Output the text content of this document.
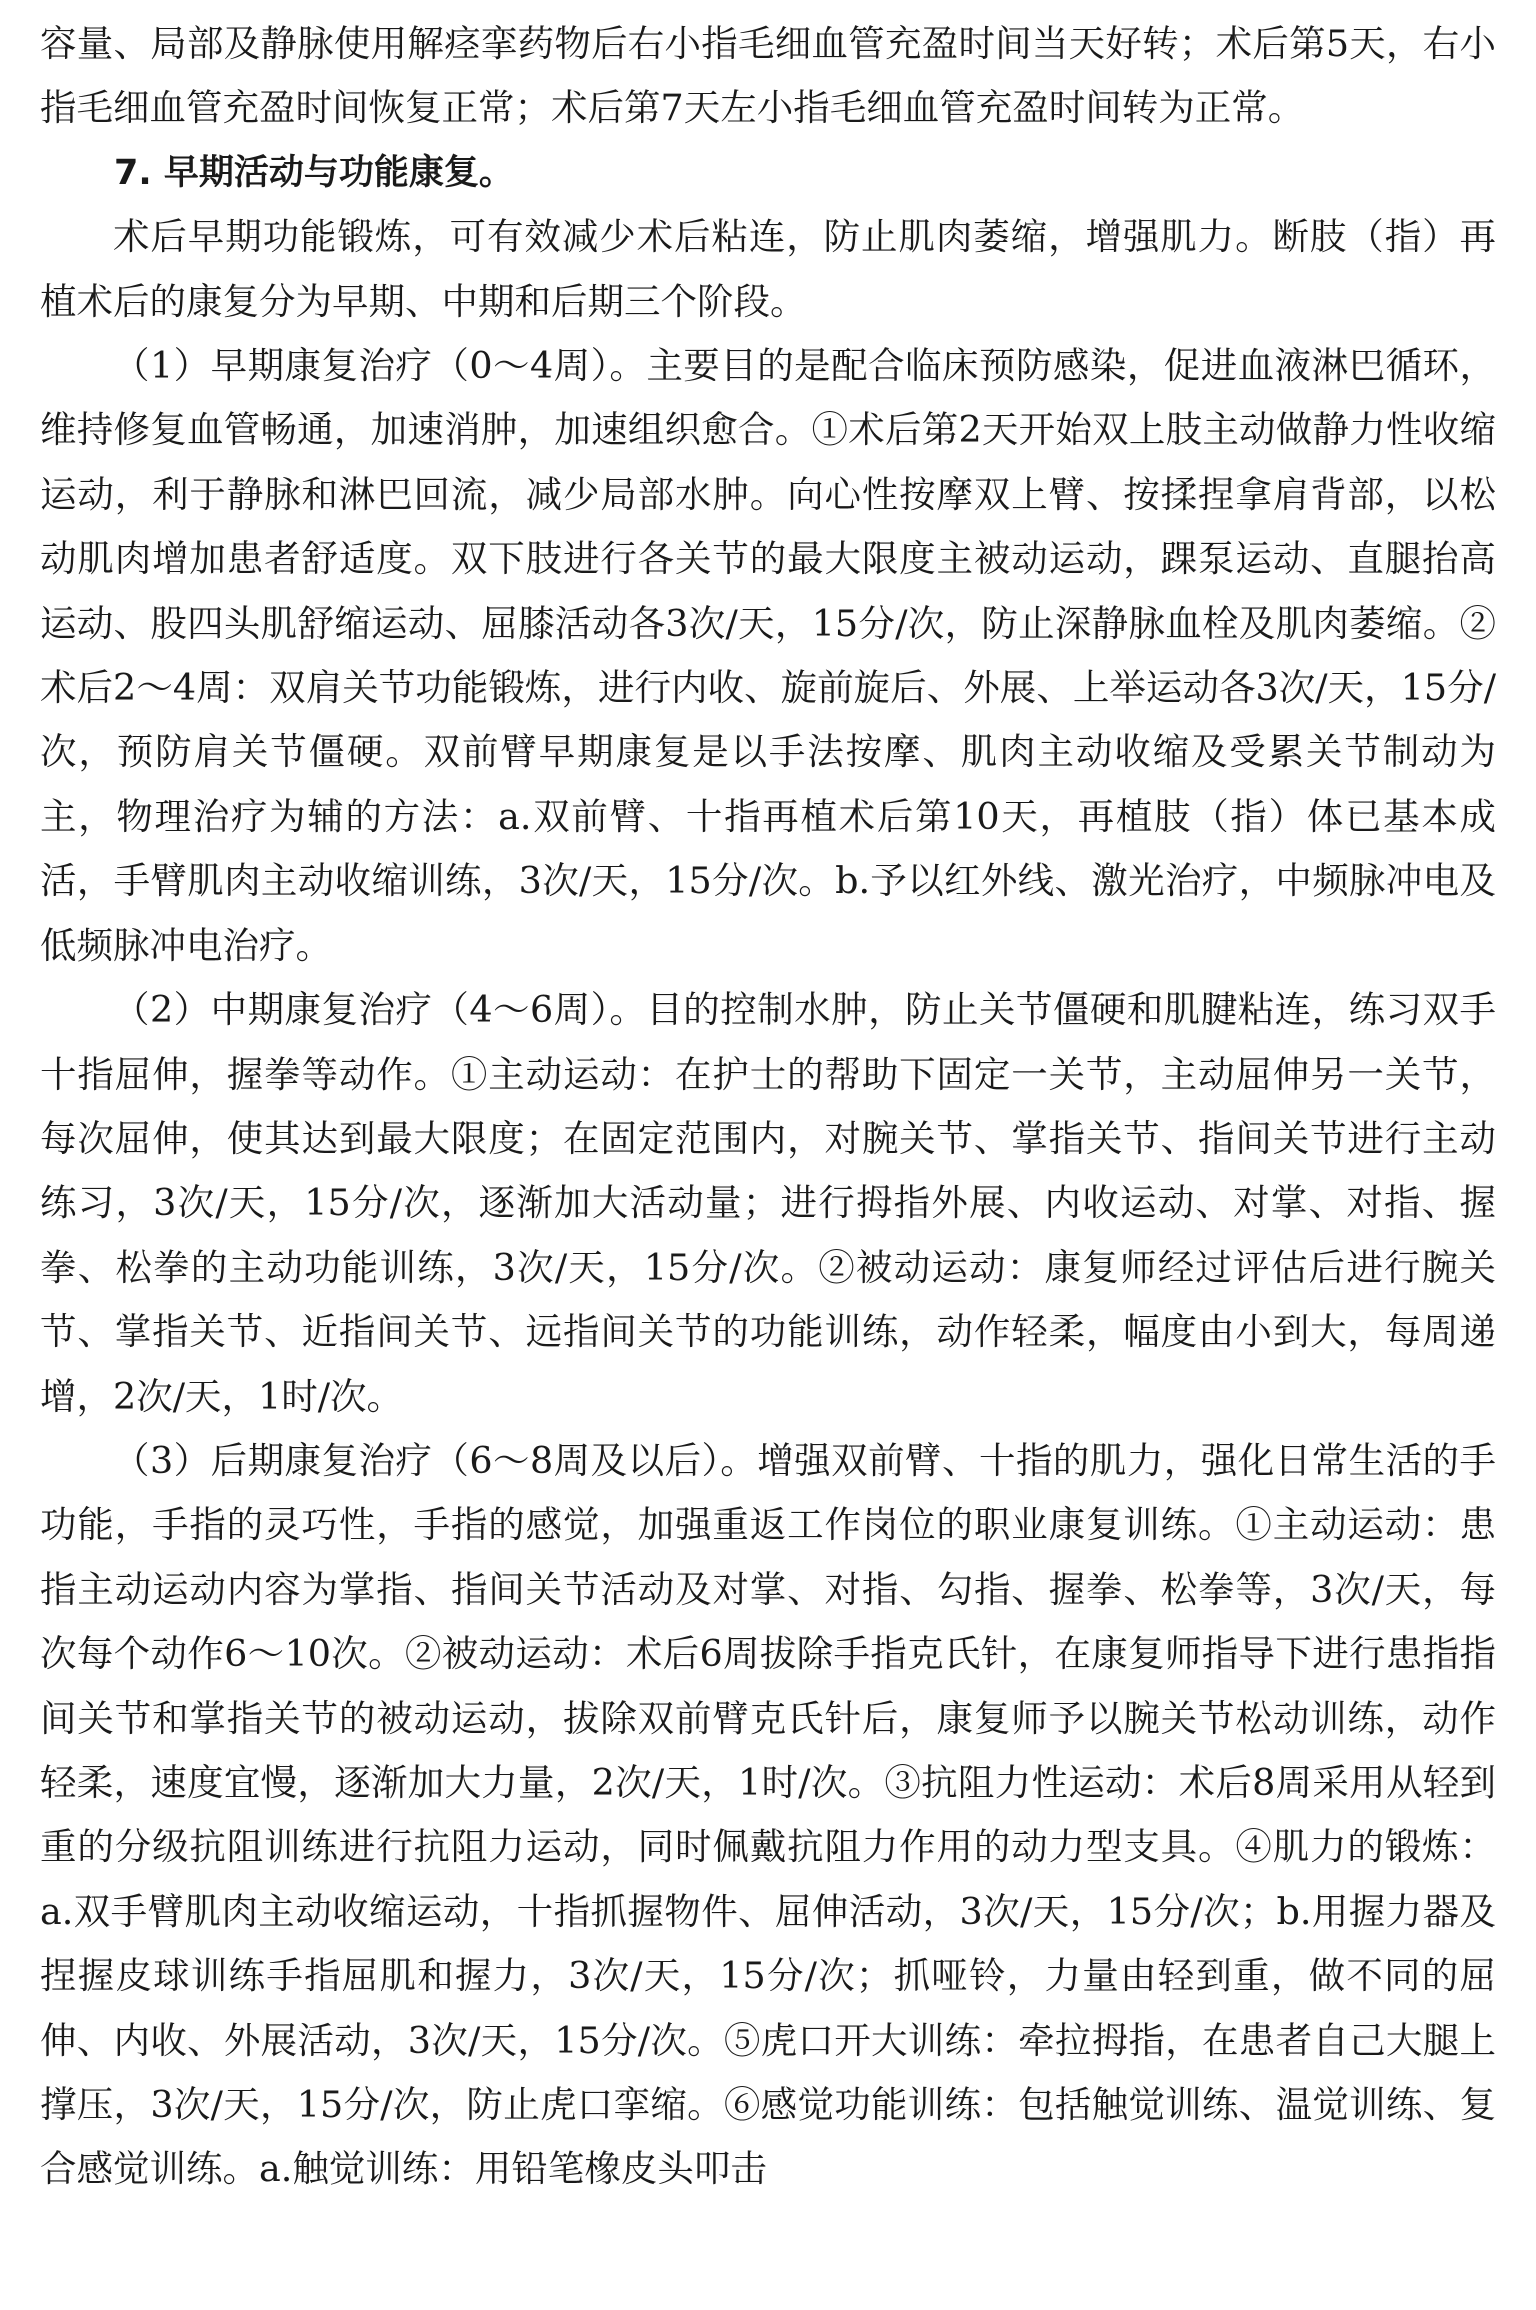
容量、局部及静脉使用解痉挛药物后右小指毛细血管充盈时间当天好转；术后第5天，右小指毛细血管充盈时间恢复正常；术后第7天左小指毛细血管充盈时间转为正常。

7. 早期活动与功能康复。

术后早期功能锻炼，可有效减少术后粘连，防止肌肉萎缩，增强肌力。断肢（指）再植术后的康复分为早期、中期和后期三个阶段。

（1）早期康复治疗（0～4周）。主要目的是配合临床预防感染，促进血液淋巴循环，维持修复血管畅通，加速消肿，加速组织愈合。①术后第2天开始双上肢主动做静力性收缩运动，利于静脉和淋巴回流，减少局部水肿。向心性按摩双上臂、按揉捏拿肩背部，以松动肌肉增加患者舒适度。双下肢进行各关节的最大限度主被动运动，踝泵运动、直腿抬高运动、股四头肌舒缩运动、屈膝活动各3次/天，15分/次，防止深静脉血栓及肌肉萎缩。②术后2～4周：双肩关节功能锻炼，进行内收、旋前旋后、外展、上举运动各3次/天，15分/次，预防肩关节僵硬。双前臂早期康复是以手法按摩、肌肉主动收缩及受累关节制动为主，物理治疗为辅的方法：a.双前臂、十指再植术后第10天，再植肢（指）体已基本成活，手臂肌肉主动收缩训练，3次/天，15分/次。b.予以红外线、激光治疗，中频脉冲电及低频脉冲电治疗。

（2）中期康复治疗（4～6周）。目的控制水肿，防止关节僵硬和肌腱粘连，练习双手十指屈伸，握拳等动作。①主动运动：在护士的帮助下固定一关节，主动屈伸另一关节，每次屈伸，使其达到最大限度；在固定范围内，对腕关节、掌指关节、指间关节进行主动练习，3次/天，15分/次，逐渐加大活动量；进行拇指外展、内收运动、对掌、对指、握拳、松拳的主动功能训练，3次/天，15分/次。②被动运动：康复师经过评估后进行腕关节、掌指关节、近指间关节、远指间关节的功能训练，动作轻柔，幅度由小到大，每周递增，2次/天，1时/次。

（3）后期康复治疗（6～8周及以后）。增强双前臂、十指的肌力，强化日常生活的手功能，手指的灵巧性，手指的感觉，加强重返工作岗位的职业康复训练。①主动运动：患指主动运动内容为掌指、指间关节活动及对掌、对指、勾指、握拳、松拳等，3次/天，每次每个动作6～10次。②被动运动：术后6周拔除手指克氏针，在康复师指导下进行患指指间关节和掌指关节的被动运动，拔除双前臂克氏针后，康复师予以腕关节松动训练，动作轻柔，速度宜慢，逐渐加大力量，2次/天，1时/次。③抗阻力性运动：术后8周采用从轻到重的分级抗阻训练进行抗阻力运动，同时佩戴抗阻力作用的动力型支具。④肌力的锻炼：a.双手臂肌肉主动收缩运动，十指抓握物件、屈伸活动，3次/天，15分/次；b.用握力器及捏握皮球训练手指屈肌和握力，3次/天，15分/次；抓哑铃，力量由轻到重，做不同的屈伸、内收、外展活动，3次/天，15分/次。⑤虎口开大训练：牵拉拇指，在患者自己大腿上撑压，3次/天，15分/次，防止虎口挛缩。⑥感觉功能训练：包括触觉训练、温觉训练、复合感觉训练。a.触觉训练：用铅笔橡皮头叩击
